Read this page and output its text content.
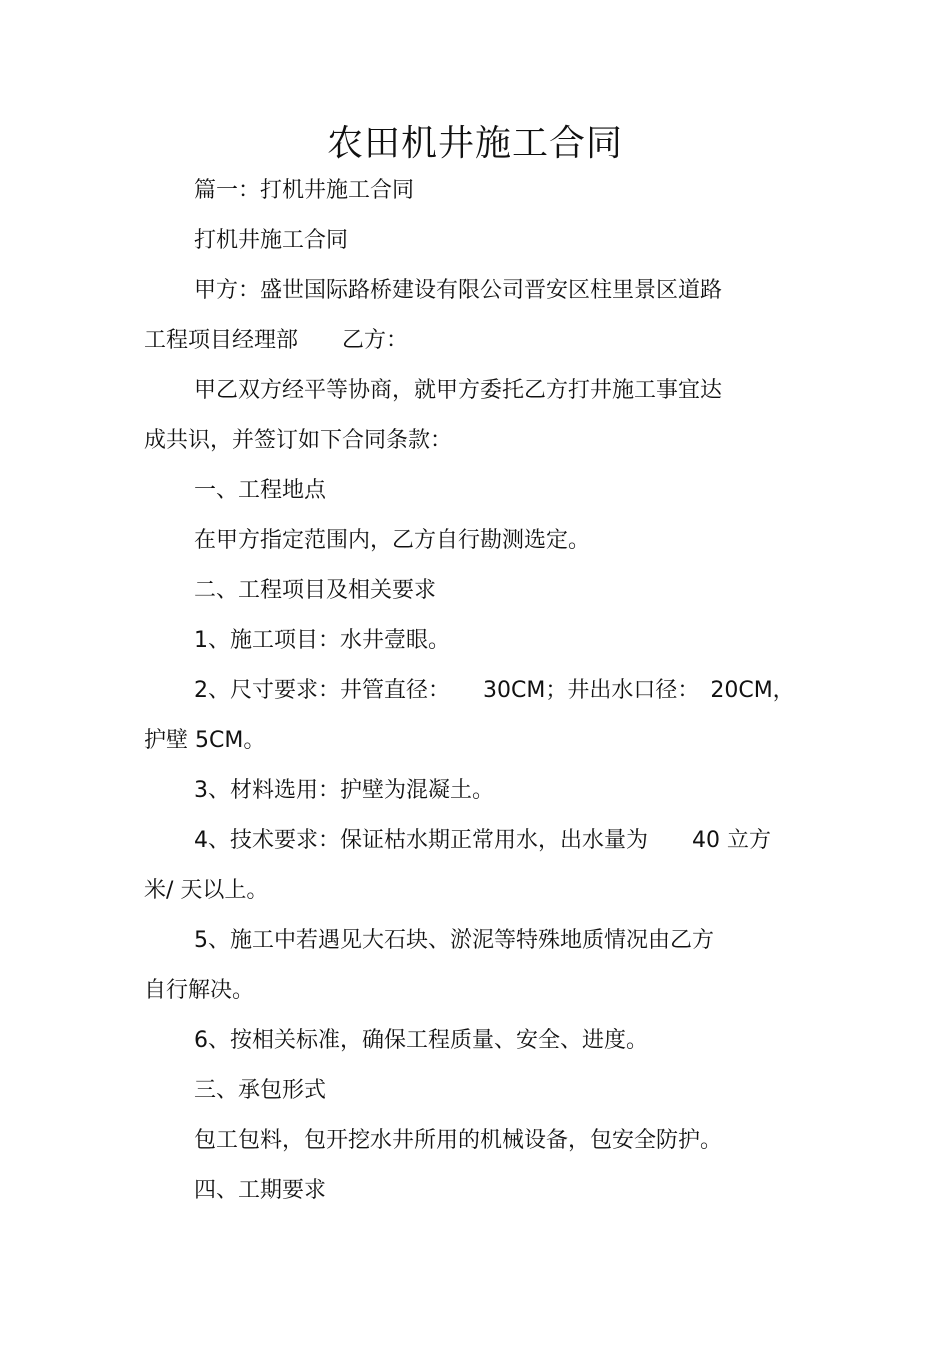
农田机井施工合同
篇一：打机井施工合同
打机井施工合同
甲方：盛世国际路桥建设有限公司晋安区柱里景区道路
工程项目经理部　　乙方：
甲乙双方经平等协商，就甲方委托乙方打井施工事宜达
成共识，并签订如下合同条款：
一、工程地点
在甲方指定范围内，乙方自行勘测选定。
二、工程项目及相关要求
1、施工项目：水井壹眼。
2、尺寸要求：井管直径：　　30CM；井出水口径：　20CM，
护壁 5CM。
3、材料选用：护壁为混凝土。
4、技术要求：保证枯水期正常用水，出水量为　　40 立方
米/ 天以上。
5、施工中若遇见大石块、淤泥等特殊地质情况由乙方
自行解决。
6、按相关标准，确保工程质量、安全、进度。
三、承包形式
包工包料，包开挖水井所用的机械设备，包安全防护。
四、工期要求
